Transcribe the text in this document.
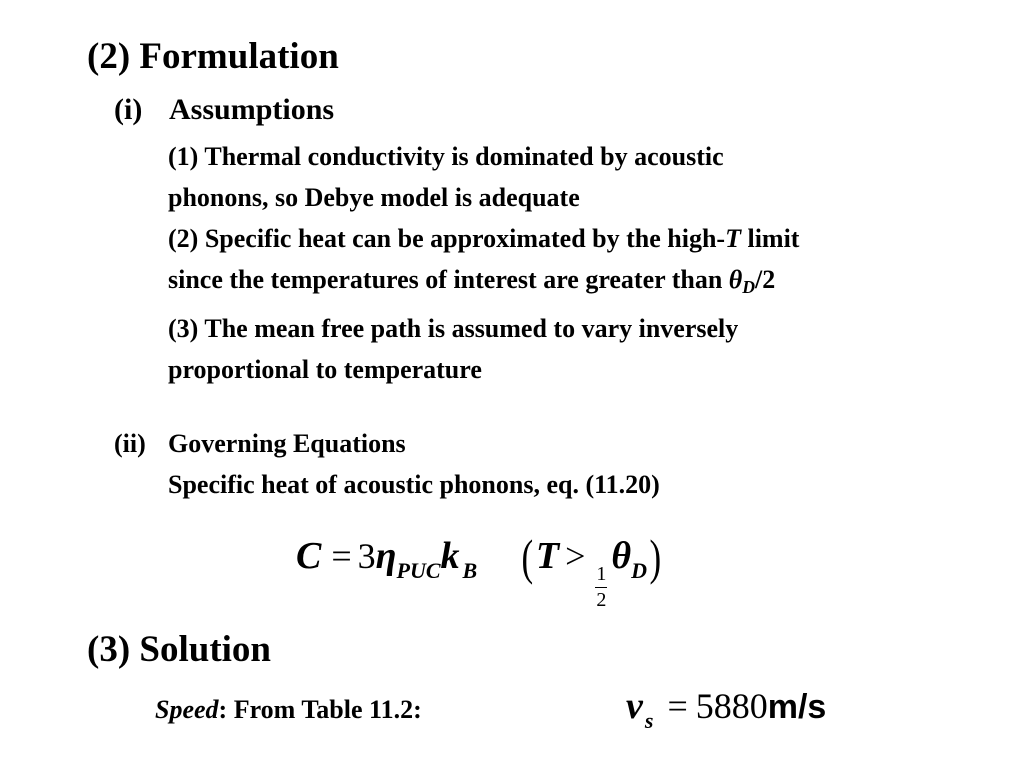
(2) Formulation
(i) Assumptions
(1) Thermal conductivity is dominated by acoustic
phonons, so Debye model is adequate
(2) Specific heat can be approximated by the high-T limit
since the temperatures of interest are greater than $\theta_D/2$
(3) The mean free path is assumed to vary inversely
proportional to temperature
(ii) Governing Equations
Specific heat of acoustic phonons, eq. (11.20)
C = 3ηPUCk B (T >
$\frac{1}{2}$
θD)
(3) Solution
Speed: From Table 11.2:	vs = 5880m/s
